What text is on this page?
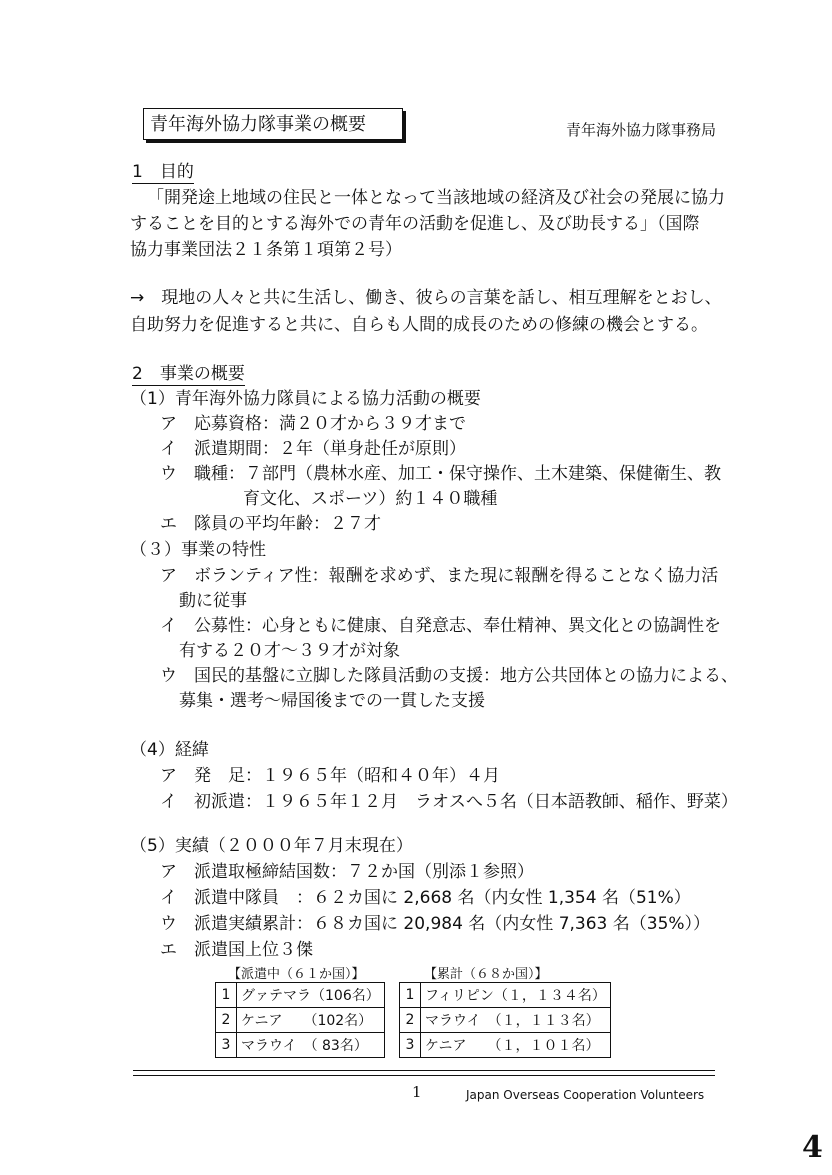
青年海外協力隊事業の概要	青年海外協力隊事務局
1　目的
「開発途上地域の住民と一体となって当該地域の経済及び社会の発展に協力
することを目的とする海外での青年の活動を促進し、及び助長する」（国際
協力事業団法２１条第１項第２号）
→　現地の人々と共に生活し、働き、彼らの言葉を話し、相互理解をとおし、
自助努力を促進すると共に、自らも人間的成長のための修練の機会とする。
2　事業の概要
（1）青年海外協力隊員による協力活動の概要
ア　応募資格：満２０才から３９才まで
イ　派遣期間：２年（単身赴任が原則）
ウ　職種：７部門（農林水産、加工・保守操作、土木建築、保健衛生、教
育文化、スポーツ）約１４０職種
エ　隊員の平均年齢：２７才
（３）事業の特性
ア　ボランティア性：報酬を求めず、また現に報酬を得ることなく協力活
動に従事
イ　公募性：心身ともに健康、自発意志、奉仕精神、異文化との協調性を
有する２０才～３９才が対象
ウ　国民的基盤に立脚した隊員活動の支援：地方公共団体との協力による、
募集・選考～帰国後までの一貫した支援
（4）経緯
ア　発　足：１９６５年（昭和４０年）４月
イ　初派遣：１９６５年１２月　ラオスへ５名（日本語教師、稲作、野菜）
（5）実績（２０００年７月末現在）
ア　派遣取極締結国数：７２か国（別添１参照）
イ　派遣中隊員　：６２カ国に 2,668 名（内女性 1,354 名（51%）
ウ　派遣実績累計：６８カ国に 20,984 名（内女性 7,363 名（35%））
エ　派遣国上位３傑
【派遣中（６１か国）】
1	グァテマラ（106名）
2	ケニア　　（102名）
3	マラウイ　（ 83名）
【累計（６８か国）】
1	フィリピン（１，１３４名）
2	マラウイ　（１，１１３名）
3	ケニア　　（１，１０１名）
1	Japan Overseas Cooperation Volunteers
4
